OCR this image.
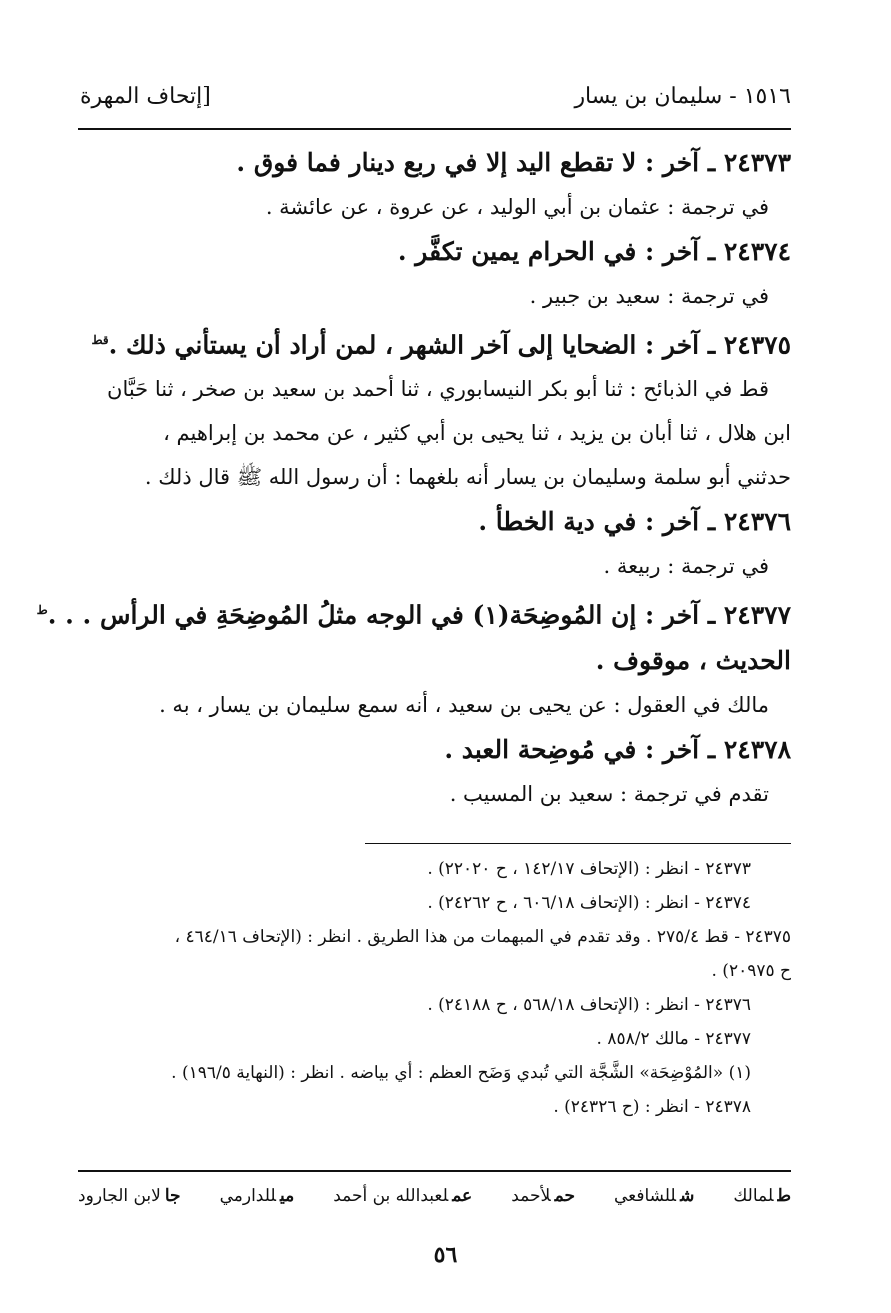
١٥١٦ - سليمان بن يسار
[إتحاف المهرة
٢٤٣٧٣ ـ آخر : لا تقطع اليد إلا في ربع دينار فما فوق .
في ترجمة : عثمان بن أبي الوليد ، عن عروة ، عن عائشة .
٢٤٣٧٤ ـ آخر : في الحرام يمين تكفَّر .
في ترجمة : سعيد بن جبير .
٢٤٣٧٥ ـ آخر : الضحايا إلى آخر الشهر ، لمن أراد أن يستأني ذلك .$^{قط}$
قط في الذبائح : ثنا أبو بكر النيسابوري ، ثنا أحمد بن سعيد بن صخر ، ثنا حَبَّان
ابن هلال ، ثنا أبان بن يزيد ، ثنا يحيى بن أبي كثير ، عن محمد بن إبراهيم ،
حدثني أبو سلمة وسليمان بن يسار أنه بلغهما : أن رسول الله ﷺ قال ذلك .
٢٤٣٧٦ ـ آخر : في دية الخطأ .
في ترجمة : ربيعة .
٢٤٣٧٧ ـ آخر : إن المُوضِحَة(١) في الوجه مثلُ المُوضِحَةِ في الرأس . . .$^ط$
الحديث ، موقوف .
مالك في العقول : عن يحيى بن سعيد ، أنه سمع سليمان بن يسار ، به .
٢٤٣٧٨ ـ آخر : في مُوضِحة العبد .
تقدم في ترجمة : سعيد بن المسيب .
٢٤٣٧٣ - انظر : (الإتحاف ١٤٢/١٧ ، ح ٢٢٠٢٠) .
٢٤٣٧٤ - انظر : (الإتحاف ٦٠٦/١٨ ، ح ٢٤٢٦٢) .
٢٤٣٧٥ - قط ٢٧٥/٤ . وقد تقدم في المبهمات من هذا الطريق . انظر : (الإتحاف ٤٦٤/١٦ ،
ح ٢٠٩٧٥) .
٢٤٣٧٦ - انظر : (الإتحاف ٥٦٨/١٨ ، ح ٢٤١٨٨) .
٢٤٣٧٧ - مالك ٨٥٨/٢ .
(١) «المُوْضِحَة» الشَّجَّة التي تُبدي وَضَح العظم : أي بياضه . انظر : (النهاية ١٩٦/٥) .
٢٤٣٧٨ - انظر : (ح ٢٤٣٢٦) .
طلمالك
شللشافعي
حملأحمد
عملعبدالله بن أحمد
ميللدارمي
جالابن الجارود
٥٦
